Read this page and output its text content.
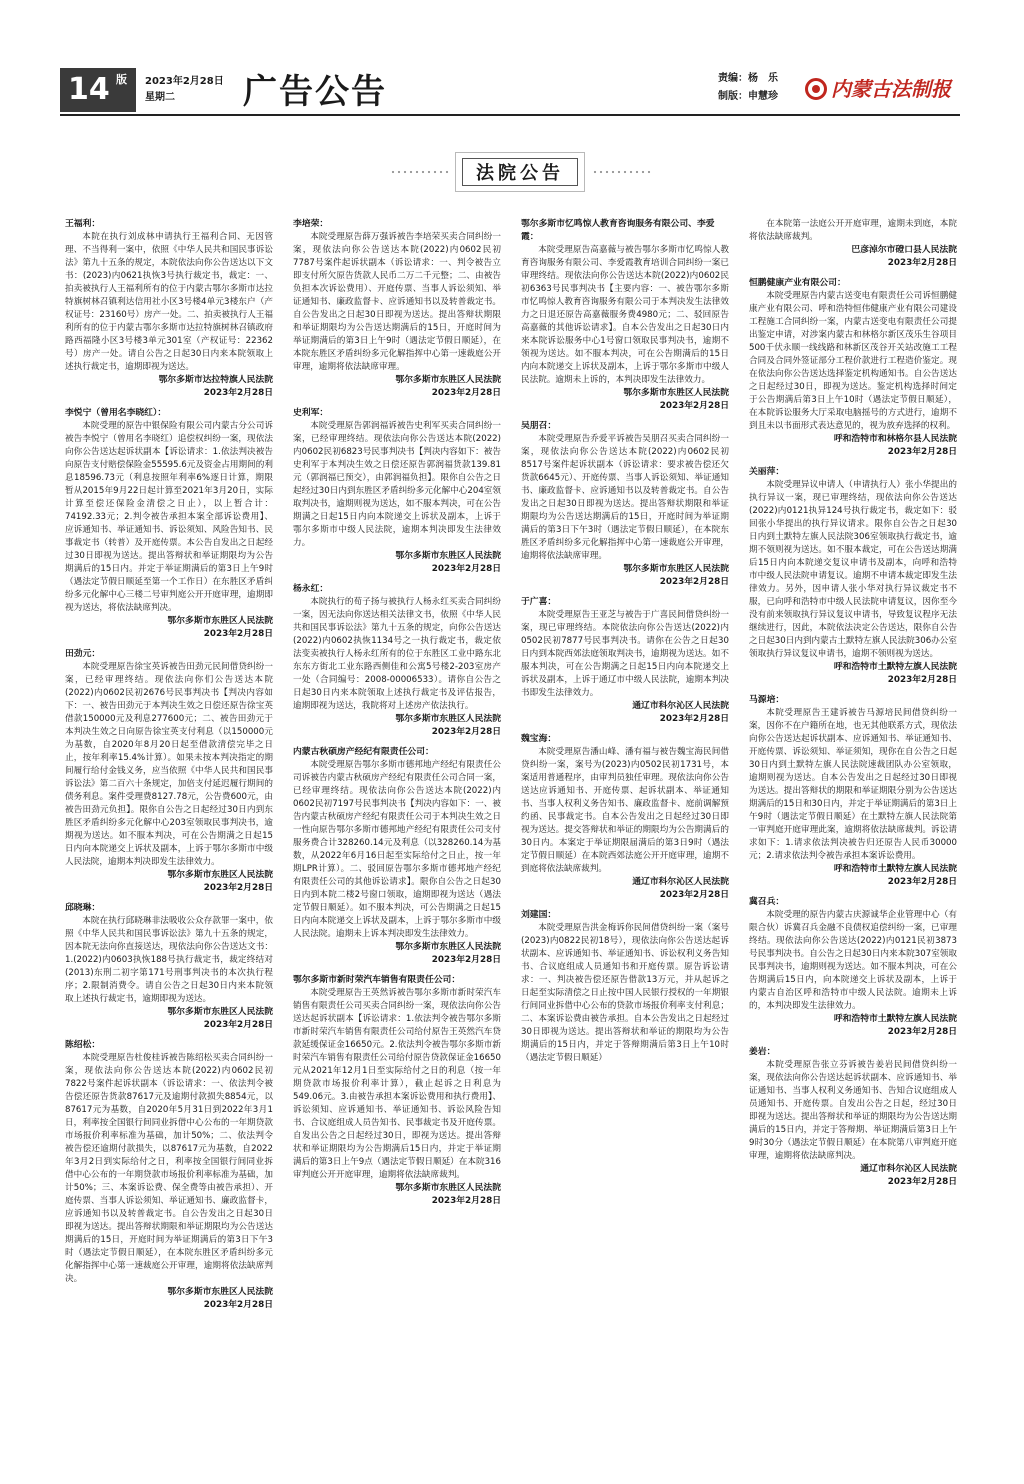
14 版 2023年2月28日
星期二	广告公告	责编：杨　乐
制版：申慧珍	内蒙古法制报
法院公告
王福利：

本院在执行刘成林申请执行王福利合同、无因管理、不当得利一案中，依照《中华人民共和国民事诉讼法》第九十五条的规定，本院依法向你公告送达以下文书：(2023)内0621执恢3号执行裁定书，裁定：一、拍卖被执行人王福利所有的位于内蒙古鄂尔多斯市达拉特旗树林召镇利达信用社小区3号楼4单元3楼东户（产权证号：23160号）房产一处。二、拍卖被执行人王福利所有的位于内蒙古鄂尔多斯市达拉特旗树林召镇政府路西福隆小区3号楼3单元301室（产权证号：22362号）房产一处。请自公告之日起30日内来本院领取上述执行裁定书，逾期即视为送达。

鄂尔多斯市达拉特旗人民法院
2023年2月28日
李悦宁（曾用名李晓红）：

本院受理的原告中银保险有限公司内蒙古分公司诉被告李悦宁（曾用名李晓红）追偿权纠纷一案，现依法向你公告送达起诉状副本【诉讼请求：1.依法判决被告向原告支付赔偿保险金55595.6元及资金占用期间的利息18596.73元（利息按照年利率6%逐日计算，期限暂从2015年9月22日起计算至2021年3月20日，实际计算至偿还保险金清偿之日止），以上暂合计：74192.33元；2.判令被告承担本案全部诉讼费用】、应诉通知书、举证通知书、诉讼须知、风险告知书、民事裁定书（转普）及开庭传票。本公告自发出之日起经过30日即视为送达。提出答辩状和举证期限均为公告期满后的15日内。并定于举证期满后的第3日上午9时（遇法定节假日顺延至第一个工作日）在东胜区矛盾纠纷多元化解中心三楼二号审判庭公开开庭审理，逾期即视为送达，将依法缺席判决。

鄂尔多斯市东胜区人民法院
2023年2月28日
田劲元：

本院受理原告徐宝英诉被告田劲元民间借贷纠纷一案，已经审理终结。现依法向你们公告送达本院(2022)内0602民初2676号民事判决书【判决内容如下：一、被告田劲元于本判决生效之日偿还原告徐宝英借款150000元及利息277600元；二、被告田劲元于本判决生效之日向原告徐宝英支付利息（以150000元为基数，自2020年8月20日起至借款清偿完毕之日止，按年利率15.4%计算）。如果未按本判决指定的期间履行给付金钱义务，应当依照《中华人民共和国民事诉讼法》第二百六十条规定，加倍支付延迟履行期间的债务利息。案件受理费8127.78元，公告费600元，由被告田劲元负担】。限你自公告之日起经过30日内到东胜区矛盾纠纷多元化解中心203室领取民事判决书，逾期视为送达。如不服本判决，可在公告期满之日起15日内向本院递交上诉状及副本，上诉于鄂尔多斯市中级人民法院，逾期本判决即发生法律效力。

鄂尔多斯市东胜区人民法院
2023年2月28日
邱晓琳：

本院在执行邱晓琳非法吸收公众存款罪一案中，依照《中华人民共和国民事诉讼法》第九十五条的规定，因本院无法向你直接送达，现依法向你公告送达文书：1.(2022)内0603执恢188号执行裁定书，裁定终结对(2013)东刑二初字第171号刑事判决书的本次执行程序；2.限制消费令。请自公告之日起30日内来本院领取上述执行裁定书，逾期即视为送达。

鄂尔多斯市东胜区人民法院
2023年2月28日
陈绍松：

本院受理原告杜俊桂诉被告陈绍松买卖合同纠纷一案，现依法向你公告送达本院(2022)内0602民初7822号案件起诉状副本（诉讼请求：一、依法判令被告偿还原告货款87617元及逾期付款损失8854元，以87617元为基数，自2020年5月31日到2022年3月1日，利率按全国银行间同业拆借中心公布的一年期贷款市场报价利率标准为基础，加计50%；二、依法判令被告偿还逾期付款损失，以87617元为基数，自2022年3月2日到实际给付之日，利率按全国银行间同业拆借中心公布的一年期贷款市场报价利率标准为基础，加计50%；三、本案诉讼费、保全费等由被告承担）、开庭传票、当事人诉讼须知、举证通知书、廉政监督卡，应诉通知书以及转普裁定书。自公告发出之日起30日即视为送达。提出答辩状期限和举证期限均为公告送达期满后的15日，开庭时间为举证期满后的第3日下午3时（遇法定节假日顺延），在本院东胜区矛盾纠纷多元化解指挥中心第一速裁庭公开审理，逾期将依法缺席判决。

鄂尔多斯市东胜区人民法院
2023年2月28日
李培荣：

本院受理原告薛万强诉被告李培荣买卖合同纠纷一案，现依法向你公告送达本院(2022)内0602民初7787号案件起诉状副本（诉讼请求：一、判令被告立即支付所欠原告货款人民币二万二千元整；二、由被告负担本次诉讼费用）、开庭传票、当事人诉讼须知、举证通知书、廉政监督卡、应诉通知书以及转普裁定书。自公告发出之日起30日即视为送达。提出答辩状期限和举证期限均为公告送达期满后的15日，开庭时间为举证期满后的第3日上午9时（遇法定节假日顺延），在本院东胜区矛盾纠纷多元化解指挥中心第一速裁庭公开审理，逾期将依法缺席审理。

鄂尔多斯市东胜区人民法院
2023年2月28日
史利军：

本院受理原告郭润福诉被告史利军买卖合同纠纷一案，已经审理终结。现依法向你公告送达本院(2022)内0602民初6823号民事判决书【判决内容如下：被告史利军于本判决生效之日偿还原告郭润福货款139.81元（郭润福已预交），由郭润福负担】。限你自公告之日起经过30日内到东胜区矛盾纠纷多元化解中心204室领取判决书，逾期则视为送达，如不服本判决，可在公告期满之日起15日内向本院递交上诉状及副本，上诉于鄂尔多斯市中级人民法院，逾期本判决即发生法律效力。

鄂尔多斯市东胜区人民法院
2023年2月28日
杨永红：

本院执行的荀子扬与被执行人杨永红买卖合同纠纷一案，因无法向你送达相关法律文书，依照《中华人民共和国民事诉讼法》第九十五条的规定，向你公告送达(2022)内0602执恢1134号之一执行裁定书，裁定依法变卖被执行人杨永红所有的位于东胜区工业中路东北东东方街北工业东路西侧佳和公寓5号楼2-203室房产一处（合同编号：2008-00006533）。请你自公告之日起30日内来本院领取上述执行裁定书及评估报告，逾期即视为送达，我院将对上述房产依法执行。

鄂尔多斯市东胜区人民法院
2023年2月28日
内蒙古秋硕房产经纪有限责任公司：

本院受理原告鄂尔多斯市德邦地产经纪有限责任公司诉被告内蒙古秋硕房产经纪有限责任公司合同一案，已经审理终结。现依法向你公告送达本院(2022)内0602民初7197号民事判决书【判决内容如下：一、被告内蒙古秋硕房产经纪有限责任公司于本判决生效之日一性向原告鄂尔多斯市德邦地产经纪有限责任公司支付服务费合计328260.14元及利息（以328260.14为基数，从2022年6月16日起至实际给付之日止，按一年期LPR计算）。二、驳回原告鄂尔多斯市德邦地产经纪有限责任公司的其他诉讼请求】。限你自公告之日起30日内到本院二楼2号窗口领取，逾期即视为送达（遇法定节假日顺延）。如不服本判决，可公告期满之日起15日内向本院递交上诉状及副本，上诉于鄂尔多斯市中级人民法院。逾期未上诉本判决即发生法律效力。

鄂尔多斯市东胜区人民法院
2023年2月28日
鄂尔多斯市新时荣汽车销售有限责任公司：

本院受理原告王英然诉被告鄂尔多斯市新时荣汽车销售有限责任公司买卖合同纠纷一案，现依法向你公告送达起诉状副本【诉讼请求：1.依法判令被告鄂尔多斯市新时荣汽车销售有限责任公司给付原告王英然汽车贷款延缓保证金16650元。2.依法判令被告鄂尔多斯市新时荣汽车销售有限责任公司给付原告贷款保证金16650元从2021年12月1日至实际给付之日的利息（按一年期贷款市场报价利率计算），截止起诉之日利息为549.06元。3.由被告承担本案诉讼费用和执行费用】、诉讼须知、应诉通知书、举证通知书、诉讼风险告知书、合议庭组成人员告知书、民事裁定书及开庭传票。自发出公告之日起经过30日，即视为送达。提出答辩状和举证期限均为公告期满后15日内，并定于举证期满后的第3日上午9点（遇法定节假日顺延）在本院316审判庭公开开庭审理，逾期将依法缺席裁判。

鄂尔多斯市东胜区人民法院
2023年2月28日
鄂尔多斯市忆鸣惊人教育咨询服务有限公司、李爱霞：

本院受理原告高嘉薇与被告鄂尔多斯市忆鸣惊人教育咨询服务有限公司、李爱霞教育培训合同纠纷一案已审理终结。现依法向你公告送达本院(2022)内0602民初6363号民事判决书【主要内容：一、被告鄂尔多斯市忆鸣惊人教育咨询服务有限公司于本判决发生法律效力之日退还原告高嘉薇服务费4980元；二、驳回原告高嘉薇的其他诉讼请求】。自本公告发出之日起30日内来本院诉讼服务中心1号窗口领取民事判决书，逾期不领视为送达。如不服本判决，可在公告期满后的15日内向本院递交上诉状及副本，上诉于鄂尔多斯市中级人民法院。逾期未上诉的，本判决即发生法律效力。

鄂尔多斯市东胜区人民法院
2023年2月28日
吴朋召：

本院受理原告乔爱平诉被告吴朋召买卖合同纠纷一案，现依法向你公告送达本院(2022)内0602民初8517号案件起诉状副本（诉讼请求：要求被告偿还欠货款6645元）、开庭传票、当事人诉讼须知、举证通知书、廉政监督卡、应诉通知书以及转普裁定书。自公告发出之日起30日即视为送达。提出答辩状期限和举证期限均为公告送达期满后的15日，开庭时间为举证期满后的第3日下午3时（遇法定节假日顺延），在本院东胜区矛盾纠纷多元化解指挥中心第一速裁庭公开审理，逾期将依法缺席审理。

鄂尔多斯市东胜区人民法院
2023年2月28日
于广喜：

本院受理原告王亚芝与被告于广喜民间借贷纠纷一案，现已审理终结。本院依法向你公告送达(2022)内0502民初7877号民事判决书。请你在公告之日起30日内到本院西郊法庭领取判决书，逾期视为送达。如不服本判决，可在公告期满之日起15日内向本院递交上诉状及副本，上诉于通辽市中级人民法院，逾期本判决书即发生法律效力。

通辽市科尔沁区人民法院
2023年2月28日
魏宝海：

本院受理原告潘山峰、潘有福与被告魏宝海民间借贷纠纷一案，案号为(2023)内0502民初1731号，本案适用普通程序，由审判员独任审理。现依法向你公告送达应诉通知书、开庭传票、起诉状副本、举证通知书、当事人权利义务告知书、廉政监督卡、庭前调解预约函、民事裁定书。自本公告发出之日起经过30日即视为送达。提交答辩状和举证的期限均为公告期满后的30日内。本案定于举证期限届满后的第3日9时（遇法定节假日顺延）在本院西郊法庭公开开庭审理，逾期不到庭将依法缺席裁判。

通辽市科尔沁区人民法院
2023年2月28日
刘建国：

本院受理原告洪金梅诉你民间借贷纠纷一案（案号(2023)内0822民初18号），现依法向你公告送达起诉状副本、应诉通知书、举证通知书、诉讼权利义务告知书、合议庭组成人员通知书和开庭传票。原告诉讼请求：一、判决被告偿还原告借款13万元，并从起诉之日起至实际清偿之日止按中国人民银行授权的一年期银行间同业拆借中心公布的贷款市场报价利率支付利息；二、本案诉讼费由被告承担。自本公告发出之日起经过30日即视为送达。提出答辩状和举证的期限均为公告期满后的15日内，并定于答辩期满后第3日上午10时（遇法定节假日顺延）

在本院第一法庭公开开庭审理，逾期未到庭，本院将依法缺席裁判。

巴彦淖尔市磴口县人民法院
2023年2月28日
恒鹏健康产业有限公司：

本院受理原告内蒙古送变电有限责任公司诉恒鹏健康产业有限公司、呼和浩特恒伟健康产业有限公司建设工程施工合同纠纷一案，内蒙古送变电有限责任公司提出鉴定申请，对涉案内蒙古和林格尔新区茂乐生谷项目500千伏永顺一线线路和林新区茂谷开关站改施工工程合同及合同外签证部分工程价款进行工程造价鉴定。现在依法向你公告送达选择鉴定机构通知书。自公告送达之日起经过30日，即视为送达。鉴定机构选择时间定于公告期满后第3日上午10时（遇法定节假日顺延），在本院诉讼服务大厅采取电脑摇号的方式进行，逾期不到且未以书面形式表达意见的，视为放弃选择的权利。

呼和浩特市和林格尔县人民法院
2023年2月28日
关丽萍：

本院受理异议申请人（申请执行人）张小华提出的执行异议一案，现已审理终结，现依法向你公告送达(2022)内0121执异124号执行裁定书，裁定如下：驳回张小华提出的执行异议请求。限你自公告之日起30日内到土默特左旗人民法院306室领取执行裁定书，逾期不领则视为送达。如不服本裁定，可在公告送达期满后15日内向本院递交复议申请书及副本，向呼和浩特市中级人民法院申请复议。逾期不申请本裁定即发生法律效力。另外，因申请人张小华对执行异议裁定书不服，已向呼和浩特市中级人民法院申请复议，因你至今没有前来领取执行异议复议申请书，导致复议程序无法继续进行，因此，本院依法决定公告送达，限你自公告之日起30日内到内蒙古土默特左旗人民法院306办公室领取执行异议复议申请书，逾期不领则视为送达。

呼和浩特市土默特左旗人民法院
2023年2月28日
马源培：

本院受理原告王建诉被告马源培民间借贷纠纷一案，因你不在户籍所在地，也无其他联系方式，现依法向你公告送达起诉状副本、应诉通知书、举证通知书、开庭传票、诉讼须知、举证须知，现你在自公告之日起30日内到土默特左旗人民法院速裁团队办公室领取，逾期则视为送达。自本公告发出之日起经过30日即视为送达。提出答辩状的期限和举证期限分别为公告送达期满后的15日和30日内，并定于举证期满后的第3日上午9时（遇法定节假日顺延）在土默特左旗人民法院第一审判庭开庭审理此案，逾期将依法缺席裁判。诉讼请求如下：1.请求依法判决被告归还原告人民币30000元；2.请求依法判令被告承担本案诉讼费用。

呼和浩特市土默特左旗人民法院
2023年2月28日
冀召兵：

本院受理的原告内蒙古庆源诚华企业管理中心（有限合伙）诉冀召兵金融不良债权追偿纠纷一案，已审理终结。现依法向你公告送达(2022)内0121民初3873号民事判决书。自公告之日起30日内来本院307室领取民事判决书，逾期则视为送达。如不服本判决，可在公告期满后15日内，向本院递交上诉状及副本，上诉于内蒙古自治区呼和浩特市中级人民法院。逾期未上诉的，本判决即发生法律效力。

呼和浩特市土默特左旗人民法院
2023年2月28日
姜岩：

本院受理原告张立芬诉被告姜岩民间借贷纠纷一案，现依法向你公告送达起诉状副本、应诉通知书、举证通知书、当事人权利义务通知书、告知合议庭组成人员通知书、开庭传票。自发出公告之日起，经过30日即视为送达。提出答辩状和举证的期限均为公告送达期满后的15日内，并定于答辩期、举证期满后第3日上午9时30分（遇法定节假日顺延）在本院第八审判庭开庭审理，逾期将依法缺席判决。

通辽市科尔沁区人民法院
2023年2月28日
